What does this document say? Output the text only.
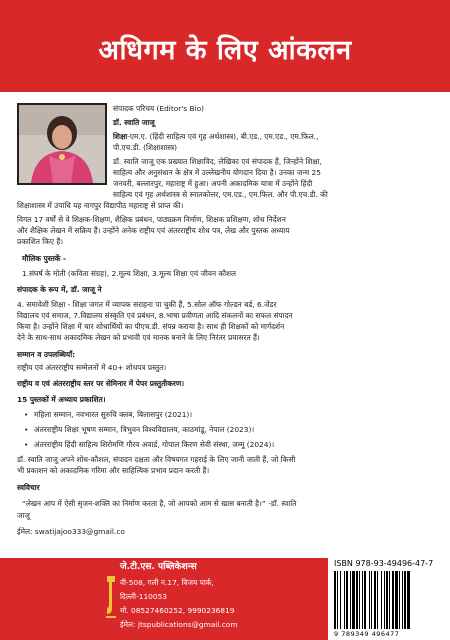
अधिगम के लिए आंकलन
संपादक परिचय (Editor's Bio)
डॉ. स्वाति जाजू
शिक्षा-एम.ए. (हिंदी साहित्य एवं गृह अर्थशास्त्र), बी.एड., एम.एड., एम.फिल.,
पी.एच.डी. (शिक्षाशास्त्र)
डॉ. स्वाति जाजू एक प्रख्यात शिक्षाविद, लेखिका एवं संपादक हैं, जिन्होंने शिक्षा,
साहित्य और अनुसंधान के क्षेत्र में उल्लेखनीय योगदान दिया है। उनका जन्म 25
जनवरी, बल्लारपुर, महाराष्ट्र में हुआ। अपनी अकादमिक यात्रा में उन्होंने हिंदी
साहित्य एवं गृह अर्थशास्त्र से स्नातकोत्तर, एम.एड., एम.फिल. और पी.एच.डी. की
शिक्षाशास्त्र में उपाधि यह नागपुर विद्यापीठ महाराष्ट्र से प्राप्त की।
विगत 17 वर्षों से वे शिक्षक-शिक्षण, शैक्षिक प्रबंधन, पाठ्यक्रम निर्माण, शिक्षक प्रशिक्षण, शोध निर्देशन
और शैक्षिक लेखन में सक्रिय हैं। उन्होंने अनेक राष्ट्रीय एवं अंतरराष्ट्रीय शोध पत्र, लेख और पुस्तक अध्याय
प्रकाशित किए हैं।
मौलिक पुस्तकें -
1.संघर्ष के मोती (कविता संग्रह), 2.मूल्य शिक्षा, 3.मूल्य शिक्षा एवं जीवन कौशल
संपादक के रूप में, डॉ. जाजू ने
4. समावेशी शिक्षा - शिक्षा जगत में व्यापक सराहना पा चुकी हैं, 5.सोल ऑफ गोल्डन बर्ड, 6.जेंडर
विद्यालय एवं समाज, 7.विद्यालय संस्कृति एवं प्रबंधन, 8.भाषा प्रवीणता आदि संकलनों का सफल संपादन
किया है। उन्होंने शिक्षा में चार शोधार्थियों का पीएच.डी. संपन्न कराया है। साथ ही शिक्षकों को मार्गदर्शन
देने के साथ-साथ अकादमिक लेखन को प्रभावी एवं मानक बनाने के लिए निरंतर प्रयासरत हैं।
सम्मान व उपलब्धियाँ:
राष्ट्रीय एवं अंतरराष्ट्रीय सम्मेलनों में 40+ शोधपत्र प्रस्तुत।
राष्ट्रीय व एवं अंतरराष्ट्रीय स्तर पर सेमिनार में पेपर प्रस्तुतीकरण।
15 पुस्तकों में अध्याय प्रकाशित।
• महिला सम्मान, नवभारत सुरुचि क्लब, बिलासपुर (2021)।
• अंतरराष्ट्रीय शिक्षा भूषण सम्मान, त्रिभुवन विश्वविद्यालय, काठमांडू, नेपाल (2023)।
• अंतरराष्ट्रीय हिंदी साहित्य शिरोमणि गौरव अवार्ड, गोपाल किरण सेवी संस्था, जम्मू (2024)।
डॉ. स्वाति जाजू अपने शोध-कौशल, संपादन दक्षता और विषयगत गहराई के लिए जानी जाती हैं, जो किसी
भी प्रकाशन को अकादमिक गरिमा और साहित्यिक प्रभाव प्रदान करती हैं।
स्वविचार
“लेखन आप में ऐसी सृजन-शक्ति का निर्माण करता है, जो आपको आम से खास बनाती है।” -डॉ. स्वाति
जाजू
ईमेल: swatijajoo333@gmail.co
जे.टी.एस. पब्लिकेशन्स
वी-508, गली न.17, विजय पार्क,
दिल्ली-110053
मो. 08527460252, 9990236819
ईमेल: jtspublications@gmail.com
ISBN 978-93-49496-47-7
9 789349 496477
